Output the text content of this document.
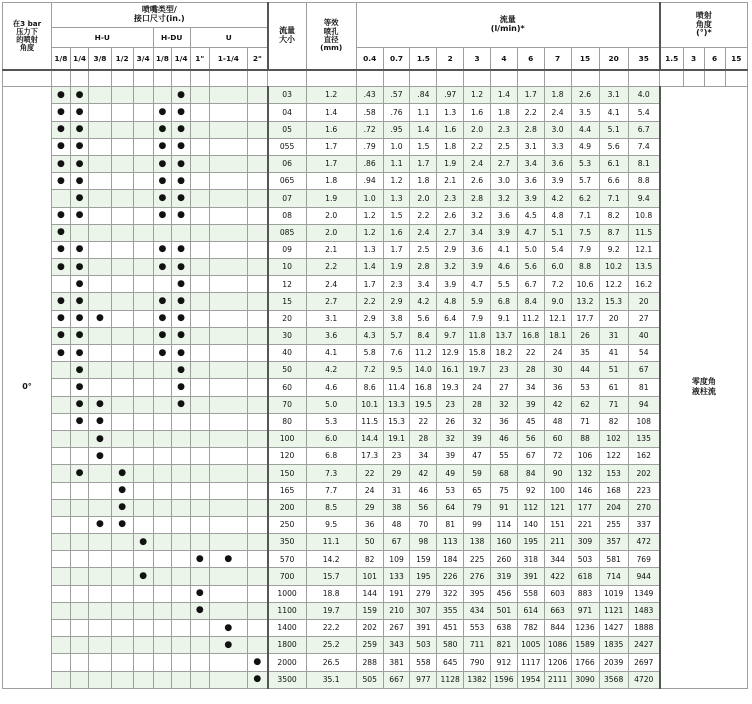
在3 bar
压力下
的喷射
角度	喷嘴类型/
接口尺寸(in.)										流量
大小	等效
喷孔
直径
(mm)	流量
(l/min)*											喷射
角度
(°)*			
	H-U					H-DU		U																			
	1/8	1/4	3/8	1/2	3/4	1/8	1/4	1"	1-1/4	2"			0.4	0.7	1.5	2	3	4	6	7	15	20	35	1.5	3	6	15

0°	●	●					●				03	1.2	.43	.57	.84	.97	1.2	1.4	1.7	1.8	2.6	3.1	4.0	零度角
液柱流			
	●	●				●	●				04	1.4	.58	.76	1.1	1.3	1.6	1.8	2.2	2.4	3.5	4.1	5.4				
	●	●				●	●				05	1.6	.72	.95	1.4	1.6	2.0	2.3	2.8	3.0	4.4	5.1	6.7				
	●	●				●	●				055	1.7	.79	1.0	1.5	1.8	2.2	2.5	3.1	3.3	4.9	5.6	7.4				
	●	●				●	●				06	1.7	.86	1.1	1.7	1.9	2.4	2.7	3.4	3.6	5.3	6.1	8.1				
	●	●				●	●				065	1.8	.94	1.2	1.8	2.1	2.6	3.0	3.6	3.9	5.7	6.6	8.8				
		●				●	●				07	1.9	1.0	1.3	2.0	2.3	2.8	3.2	3.9	4.2	6.2	7.1	9.4				
	●	●				●	●				08	2.0	1.2	1.5	2.2	2.6	3.2	3.6	4.5	4.8	7.1	8.2	10.8				
	●										085	2.0	1.2	1.6	2.4	2.7	3.4	3.9	4.7	5.1	7.5	8.7	11.5				
	●	●				●	●				09	2.1	1.3	1.7	2.5	2.9	3.6	4.1	5.0	5.4	7.9	9.2	12.1				
	●	●				●	●				10	2.2	1.4	1.9	2.8	3.2	3.9	4.6	5.6	6.0	8.8	10.2	13.5				
		●					●				12	2.4	1.7	2.3	3.4	3.9	4.7	5.5	6.7	7.2	10.6	12.2	16.2				
	●	●				●	●				15	2.7	2.2	2.9	4.2	4.8	5.9	6.8	8.4	9.0	13.2	15.3	20				
	●	●	●			●	●				20	3.1	2.9	3.8	5.6	6.4	7.9	9.1	11.2	12.1	17.7	20	27				
	●	●				●	●				30	3.6	4.3	5.7	8.4	9.7	11.8	13.7	16.8	18.1	26	31	40				
	●	●				●	●				40	4.1	5.8	7.6	11.2	12.9	15.8	18.2	22	24	35	41	54				
		●					●				50	4.2	7.2	9.5	14.0	16.1	19.7	23	28	30	44	51	67				
		●					●				60	4.6	8.6	11.4	16.8	19.3	24	27	34	36	53	61	81				
		●	●				●				70	5.0	10.1	13.3	19.5	23	28	32	39	42	62	71	94				
		●	●								80	5.3	11.5	15.3	22	26	32	36	45	48	71	82	108				
			●								100	6.0	14.4	19.1	28	32	39	46	56	60	88	102	135				
			●								120	6.8	17.3	23	34	39	47	55	67	72	106	122	162				
		●		●							150	7.3	22	29	42	49	59	68	84	90	132	153	202				
				●							165	7.7	24	31	46	53	65	75	92	100	146	168	223				
				●							200	8.5	29	38	56	64	79	91	112	121	177	204	270				
			●	●							250	9.5	36	48	70	81	99	114	140	151	221	255	337				
					●						350	11.1	50	67	98	113	138	160	195	211	309	357	472				
								●	●		570	14.2	82	109	159	184	225	260	318	344	503	581	769				
					●						700	15.7	101	133	195	226	276	319	391	422	618	714	944				
								●			1000	18.8	144	191	279	322	395	456	558	603	883	1019	1349				
								●			1100	19.7	159	210	307	355	434	501	614	663	971	1121	1483				
									●		1400	22.2	202	267	391	451	553	638	782	844	1236	1427	1888				
									●		1800	25.2	259	343	503	580	711	821	1005	1086	1589	1835	2427				
										●	2000	26.5	288	381	558	645	790	912	1117	1206	1766	2039	2697				
										●	3500	35.1	505	667	977	1128	1382	1596	1954	2111	3090	3568	4720				
